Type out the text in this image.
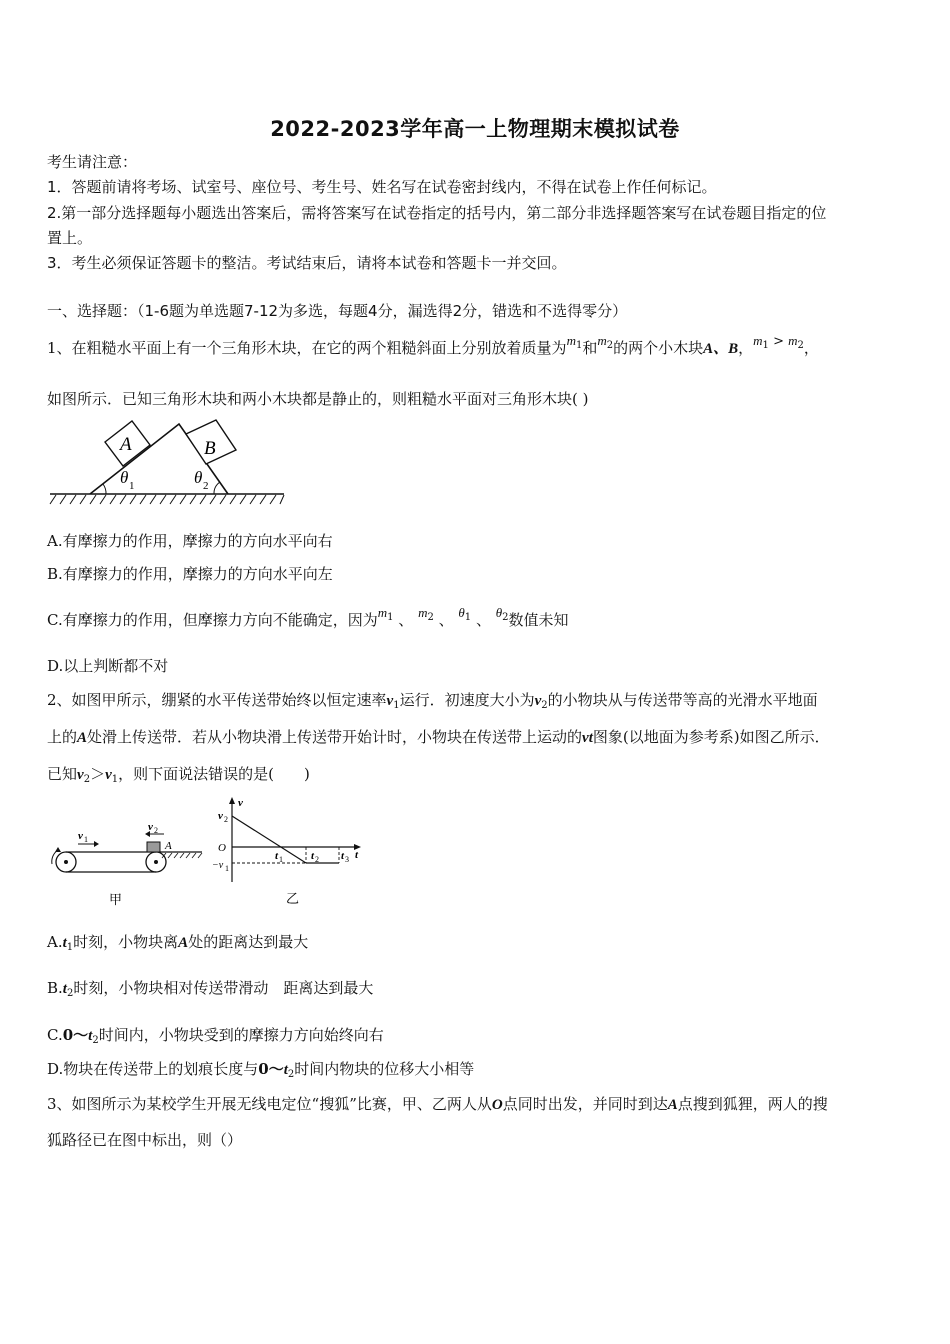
2022-2023学年高一上物理期末模拟试卷
考生请注意：
1．答题前请将考场、试室号、座位号、考生号、姓名写在试卷密封线内，不得在试卷上作任何标记。
2.第一部分选择题每小题选出答案后，需将答案写在试卷指定的括号内，第二部分非选择题答案写在试卷题目指定的位
置上。
3．考生必须保证答题卡的整洁。考试结束后，请将本试卷和答题卡一并交回。
一、选择题：（1-6题为单选题7-12为多选，每题4分，漏选得2分，错选和不选得零分）
1、在粗糙水平面上有一个三角形木块，在它的两个粗糙斜面上分别放着质量为$m_1$和$m_2$的两个小木块A、B，$m_1 > m_2$，
如图所示．已知三角形木块和两小木块都是静止的，则粗糙水平面对三角形木块( )
A	B
θ 1	θ 2
A.有摩擦力的作用，摩擦力的方向水平向右
B.有摩擦力的作用，摩擦力的方向水平向左
C.有摩擦力的作用，但摩擦力方向不能确定，因为$m_1$ 、 $m_2$ 、 $\theta_1$ 、 $\theta_2$数值未知
D.以上判断都不对
2、如图甲所示，绷紧的水平传送带始终以恒定速率$v_1$运行．初速度大小为$v_2$的小物块从与传送带等高的光滑水平地面
上的A处滑上传送带．若从小物块滑上传送带开始计时，小物块在传送带上运动的vt图象(以地面为参考系)如图乙所示．
已知$v_2>v_1$，则下面说法错误的是(　　)
v 1
v 2
A
甲
v
t
v 2
O
−v 1
t 1	t 2 t 3
乙
$A.t_1$时刻，小物块离A处的距离达到最大
$B.t_2$时刻，小物块相对传送带滑动　距离达到最大
$C.0\sim t_2$时间内，小物块受到的摩擦力方向始终向右
D.物块在传送带上的划痕长度与$0\sim t_2$时间内物块的位移大小相等
3、如图所示为某校学生开展无线电定位“搜狐”比赛，甲、乙两人从O点同时出发，并同时到达A点搜到狐狸，两人的搜
狐路径已在图中标出，则（）
